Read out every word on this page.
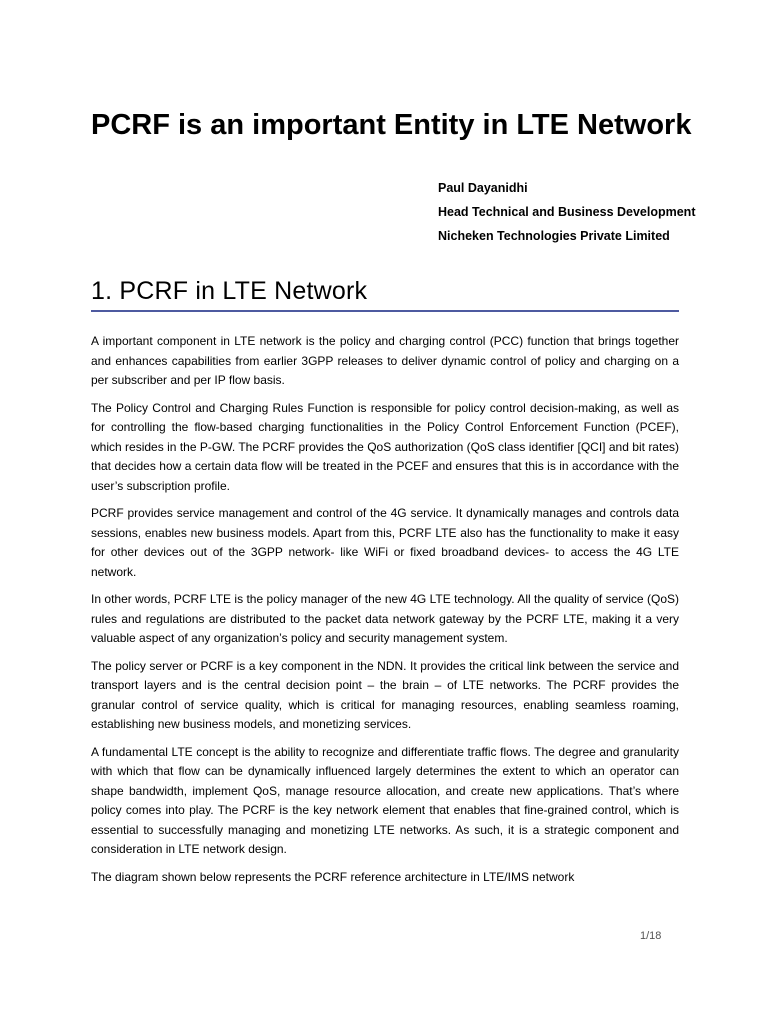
PCRF is an important Entity in LTE Network
Paul Dayanidhi
Head Technical and Business Development
Nicheken Technologies Private Limited
1. PCRF in LTE Network

A important component in LTE network is the policy and charging control (PCC) function that brings together and enhances capabilities from earlier 3GPP releases to deliver dynamic control of policy and charging on a per subscriber and per IP flow basis.

The Policy Control and Charging Rules Function is responsible for policy control decision-making, as well as for controlling the flow-based charging functionalities in the Policy Control Enforcement Function (PCEF), which resides in the P-GW. The PCRF provides the QoS authorization (QoS class identifier [QCI] and bit rates) that decides how a certain data flow will be treated in the PCEF and ensures that this is in accordance with the user’s subscription profile.

PCRF provides service management and control of the 4G service. It dynamically manages and controls data sessions, enables new business models. Apart from this, PCRF LTE also has the functionality to make it easy for other devices out of the 3GPP network- like WiFi or fixed broadband devices- to access the 4G LTE network.

In other words, PCRF LTE is the policy manager of the new 4G LTE technology. All the quality of service (QoS) rules and regulations are distributed to the packet data network gateway by the PCRF LTE, making it a very valuable aspect of any organization’s policy and security management system.

The policy server or PCRF is a key component in the NDN. It provides the critical link between the service and transport layers and is the central decision point – the brain – of LTE networks. The PCRF provides the granular control of service quality, which is critical for managing resources, enabling seamless roaming, establishing new business models, and monetizing services.

A fundamental LTE concept is the ability to recognize and differentiate traffic flows. The degree and granularity with which that flow can be dynamically influenced largely determines the extent to which an operator can shape bandwidth, implement QoS, manage resource allocation, and create new applications. That’s where policy comes into play. The PCRF is the key network element that enables that fine-grained control, which is essential to successfully managing and monetizing LTE networks. As such, it is a strategic component and consideration in LTE network design.

The diagram shown below represents the PCRF reference architecture in LTE/IMS network

1/18
